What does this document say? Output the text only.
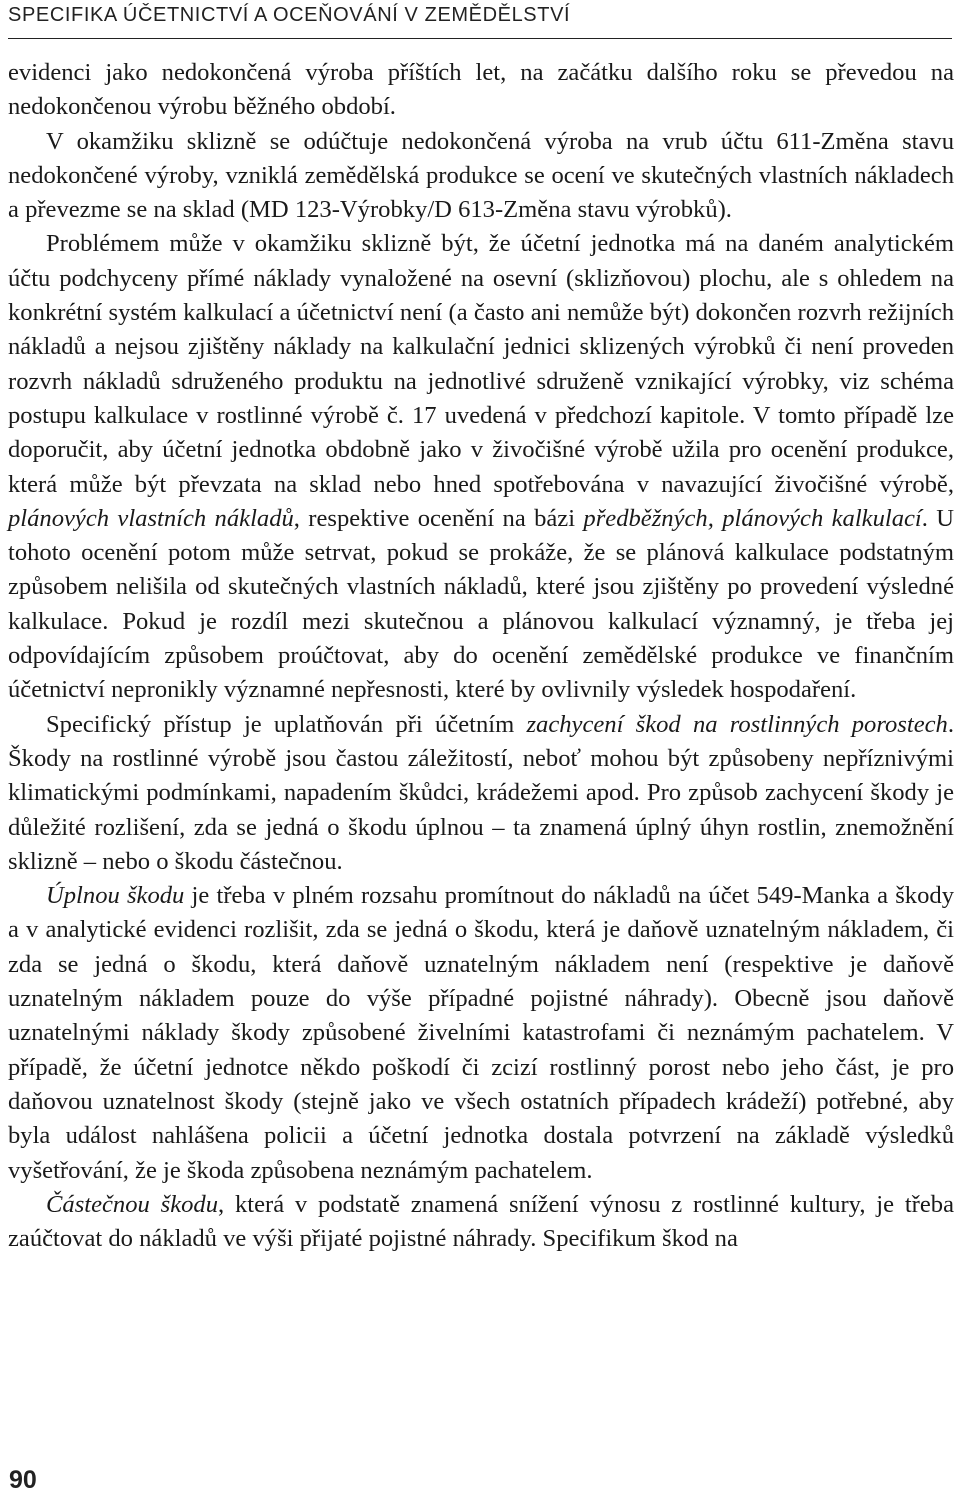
SPECIFIKA ÚČETNICTVÍ A OCEŇOVÁNÍ V ZEMĚDĚLSTVÍ

evidenci jako nedokončená výroba příštích let, na začátku dalšího roku se převedou na nedokončenou výrobu běžného období.

V okamžiku sklizně se odúčtuje nedokončená výroba na vrub účtu 611-Změna stavu nedokončené výroby, vzniklá zemědělská produkce se ocení ve skutečných vlastních nákladech a převezme se na sklad (MD 123-Výrobky/D 613-Změna stavu výrobků).

Problémem může v okamžiku sklizně být, že účetní jednotka má na daném analytickém účtu podchyceny přímé náklady vynaložené na osevní (sklizňovou) plochu, ale s ohledem na konkrétní systém kalkulací a účetnictví není (a často ani nemůže být) dokončen rozvrh režijních nákladů a nejsou zjištěny náklady na kalkulační jednici sklizených výrobků či není proveden rozvrh nákladů sdruženého produktu na jednotlivé sdruženě vznikající výrobky, viz schéma postupu kalkulace v rostlinné výrobě č. 17 uvedená v předchozí kapitole. V tomto případě lze doporučit, aby účetní jednotka obdobně jako v živočišné výrobě užila pro ocenění produkce, která může být převzata na sklad nebo hned spotřebována v navazující živočišné výrobě, plánových vlastních nákladů, respektive ocenění na bázi předběžných, plánových kalkulací. U tohoto ocenění potom může setrvat, pokud se prokáže, že se plánová kalkulace podstatným způsobem nelišila od skutečných vlastních nákladů, které jsou zjištěny po provedení výsledné kalkulace. Pokud je rozdíl mezi skutečnou a plánovou kalkulací významný, je třeba jej odpovídajícím způsobem proúčtovat, aby do ocenění zemědělské produkce ve finančním účetnictví nepronikly významné nepřesnosti, které by ovlivnily výsledek hospodaření.

Specifický přístup je uplatňován při účetním zachycení škod na rostlinných porostech. Škody na rostlinné výrobě jsou častou záležitostí, neboť mohou být způsobeny nepříznivými klimatickými podmínkami, napadením škůdci, krádežemi apod. Pro způsob zachycení škody je důležité rozlišení, zda se jedná o škodu úplnou – ta znamená úplný úhyn rostlin, znemožnění sklizně – nebo o škodu částečnou.

Úplnou škodu je třeba v plném rozsahu promítnout do nákladů na účet 549-Manka a škody a v analytické evidenci rozlišit, zda se jedná o škodu, která je daňově uznatelným nákladem, či zda se jedná o škodu, která daňově uznatelným nákladem není (respektive je daňově uznatelným nákladem pouze do výše případné pojistné náhrady). Obecně jsou daňově uznatelnými náklady škody způsobené živelními katastrofami či neznámým pachatelem. V případě, že účetní jednotce někdo poškodí či zcizí rostlinný porost nebo jeho část, je pro daňovou uznatelnost škody (stejně jako ve všech ostatních případech krádeží) potřebné, aby byla událost nahlášena policii a účetní jednotka dostala potvrzení na základě výsledků vyšetřování, že je škoda způsobena neznámým pachatelem.

Částečnou škodu, která v podstatě znamená snížení výnosu z rostlinné kultury, je třeba zaúčtovat do nákladů ve výši přijaté pojistné náhrady. Specifikum škod na

90
